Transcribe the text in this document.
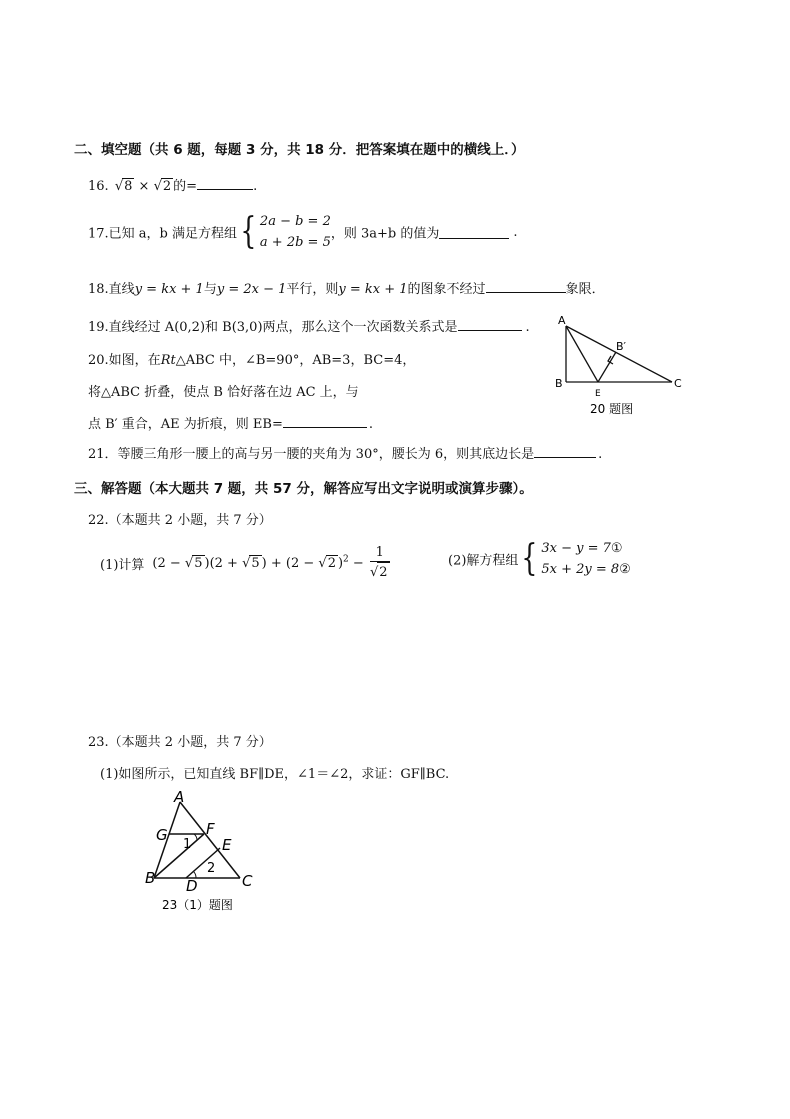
二、填空题（共 6 题，每题 3 分，共 18 分．把答案填在题中的横线上．）
16. √8 × √2 的=	.
17.已知 a，b 满足方程组{ 2a − b = 2
a + 2b = 5
，则 3a+b 的值为	.
18.直线y = kx + 1与y = 2x − 1平行，则y = kx + 1的图象不经过	象限．
19.直线经过 A(0,2)和 B(3,0)两点，那么这个一次函数关系式是	.
20.如图，在Rt△ABC 中，∠B=90°，AB=3，BC=4，
将△ABC 折叠，使点 B 恰好落在边 AC 上，与
点 B′ 重合，AE 为折痕，则 EB=	.
A
B	C
E
B′
20 题图
21．等腰三角形一腰上的高与另一腰的夹角为 30°，腰长为 6，则其底边长是	.
三、解答题（本大题共 7 题，共 57 分，解答应写出文字说明或演算步骤）。
22.（本题共 2 小题，共 7 分）
(1)计算 (2 − √5 )(2 + √5 ) + (2 − √2 )$^2 - \frac{1}{√2}$	(2)解方程组{ 3x − y = 7①
5x + 2y = 8②
23.（本题共 2 小题，共 7 分）
(1)如图所示，已知直线 BF∥DE，∠1＝∠2，求证：GF∥BC.
A
G	F
E
B D	C
1
2
23（1）题图
